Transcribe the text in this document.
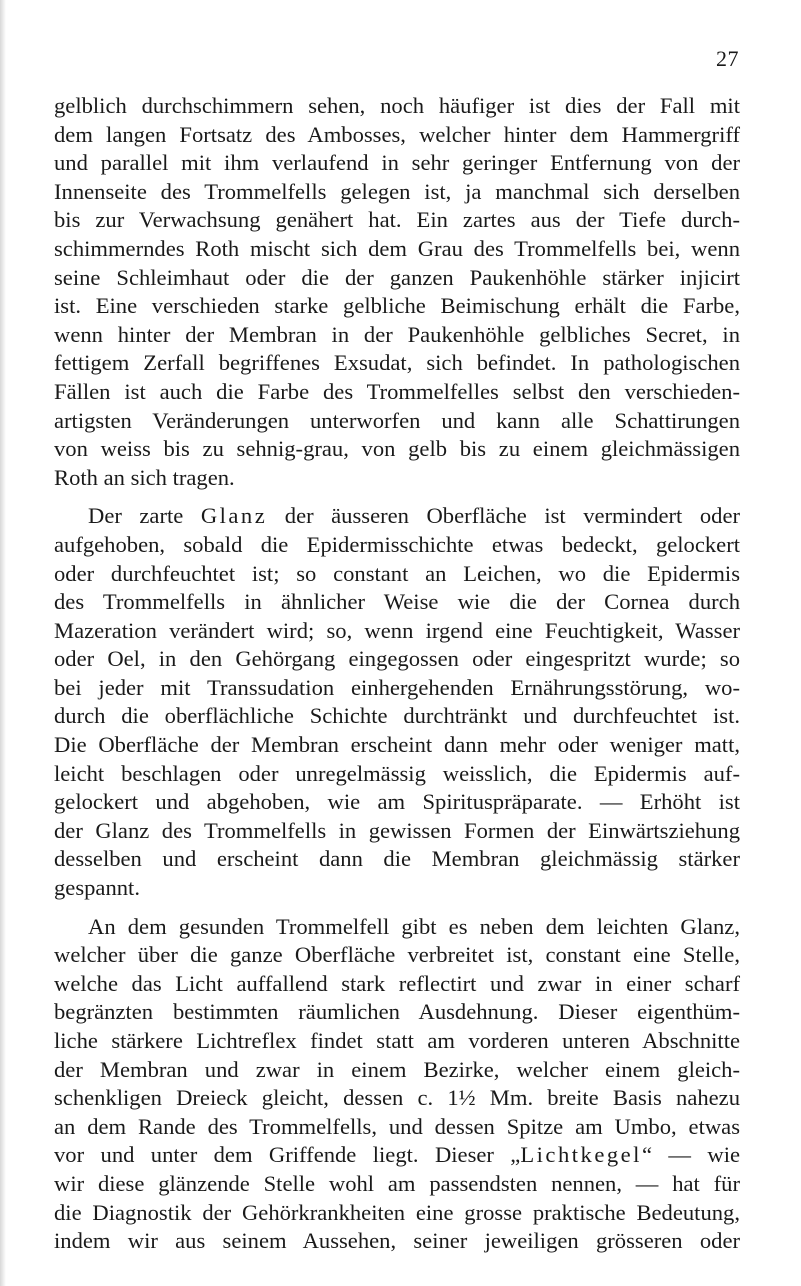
27
gelblich durchschimmern sehen, noch häufiger ist dies der Fall mit
dem langen Fortsatz des Ambosses, welcher hinter dem Hammergriff
und parallel mit ihm verlaufend in sehr geringer Entfernung von der
Innenseite des Trommelfells gelegen ist, ja manchmal sich derselben
bis zur Verwachsung genähert hat. Ein zartes aus der Tiefe durch-
schimmerndes Roth mischt sich dem Grau des Trommelfells bei, wenn
seine Schleimhaut oder die der ganzen Paukenhöhle stärker injicirt
ist. Eine verschieden starke gelbliche Beimischung erhält die Farbe,
wenn hinter der Membran in der Paukenhöhle gelbliches Secret, in
fettigem Zerfall begriffenes Exsudat, sich befindet. In pathologischen
Fällen ist auch die Farbe des Trommelfelles selbst den verschieden-
artigsten Veränderungen unterworfen und kann alle Schattirungen
von weiss bis zu sehnig-grau, von gelb bis zu einem gleichmässigen
Roth an sich tragen.
Der zarte Glanz der äusseren Oberfläche ist vermindert oder
aufgehoben, sobald die Epidermisschichte etwas bedeckt, gelockert
oder durchfeuchtet ist; so constant an Leichen, wo die Epidermis
des Trommelfells in ähnlicher Weise wie die der Cornea durch
Mazeration verändert wird; so, wenn irgend eine Feuchtigkeit, Wasser
oder Oel, in den Gehörgang eingegossen oder eingespritzt wurde; so
bei jeder mit Transsudation einhergehenden Ernährungsstörung, wo-
durch die oberflächliche Schichte durchtränkt und durchfeuchtet ist.
Die Oberfläche der Membran erscheint dann mehr oder weniger matt,
leicht beschlagen oder unregelmässig weisslich, die Epidermis auf-
gelockert und abgehoben, wie am Spirituspräparate. — Erhöht ist
der Glanz des Trommelfells in gewissen Formen der Einwärtsziehung
desselben und erscheint dann die Membran gleichmässig stärker
gespannt.
An dem gesunden Trommelfell gibt es neben dem leichten Glanz,
welcher über die ganze Oberfläche verbreitet ist, constant eine Stelle,
welche das Licht auffallend stark reflectirt und zwar in einer scharf
begränzten bestimmten räumlichen Ausdehnung. Dieser eigenthüm-
liche stärkere Lichtreflex findet statt am vorderen unteren Abschnitte
der Membran und zwar in einem Bezirke, welcher einem gleich-
schenkligen Dreieck gleicht, dessen c. 1½ Mm. breite Basis nahezu
an dem Rande des Trommelfells, und dessen Spitze am Umbo, etwas
vor und unter dem Griffende liegt. Dieser „Lichtkegel“ — wie
wir diese glänzende Stelle wohl am passendsten nennen, — hat für
die Diagnostik der Gehörkrankheiten eine grosse praktische Bedeutung,
indem wir aus seinem Aussehen, seiner jeweiligen grösseren oder
